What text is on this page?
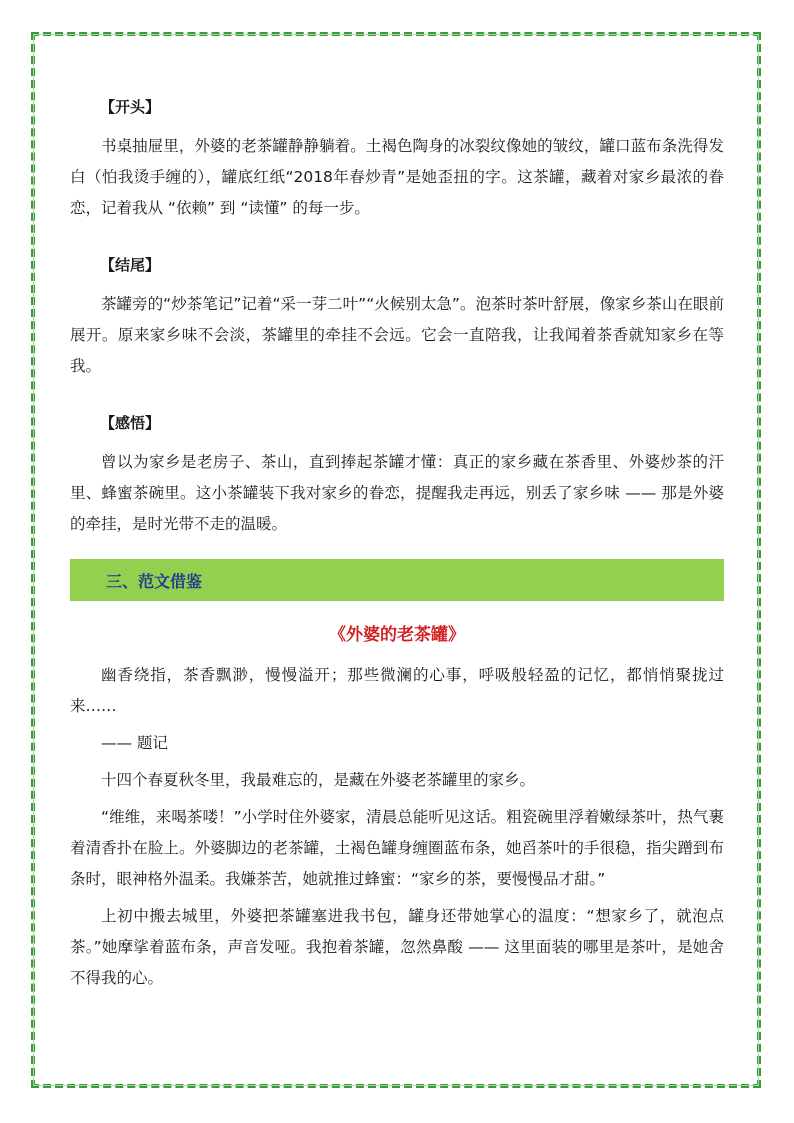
【开头】

书桌抽屉里，外婆的老茶罐静静躺着。土褐色陶身的冰裂纹像她的皱纹，罐口蓝布条洗得发白（怕我烫手缠的），罐底红纸“2018年春炒青”是她歪扭的字。这茶罐，藏着对家乡最浓的眷恋，记着我从 “依赖” 到 “读懂” 的每一步。

【结尾】

茶罐旁的“炒茶笔记”记着“采一芽二叶”“火候别太急”。泡茶时茶叶舒展，像家乡茶山在眼前展开。原来家乡味不会淡，茶罐里的牵挂不会远。它会一直陪我，让我闻着茶香就知家乡在等我。

【感悟】

曾以为家乡是老房子、茶山，直到捧起茶罐才懂：真正的家乡藏在茶香里、外婆炒茶的汗里、蜂蜜茶碗里。这小茶罐装下我对家乡的眷恋，提醒我走再远，别丢了家乡味 —— 那是外婆的牵挂，是时光带不走的温暖。

三、范文借鉴
《外婆的老茶罐》

幽香绕指，茶香飘渺，慢慢溢开；那些微澜的心事，呼吸般轻盈的记忆，都悄悄聚拢过来……

—— 题记

十四个春夏秋冬里，我最难忘的，是藏在外婆老茶罐里的家乡。

“维维，来喝茶喽！”小学时住外婆家，清晨总能听见这话。粗瓷碗里浮着嫩绿茶叶，热气裹着清香扑在脸上。外婆脚边的老茶罐，土褐色罐身缠圈蓝布条，她舀茶叶的手很稳，指尖蹭到布条时，眼神格外温柔。我嫌茶苦，她就推过蜂蜜：“家乡的茶，要慢慢品才甜。”

上初中搬去城里，外婆把茶罐塞进我书包，罐身还带她掌心的温度：“想家乡了，就泡点茶。”她摩挲着蓝布条，声音发哑。我抱着茶罐，忽然鼻酸 —— 这里面装的哪里是茶叶，是她舍不得我的心。
